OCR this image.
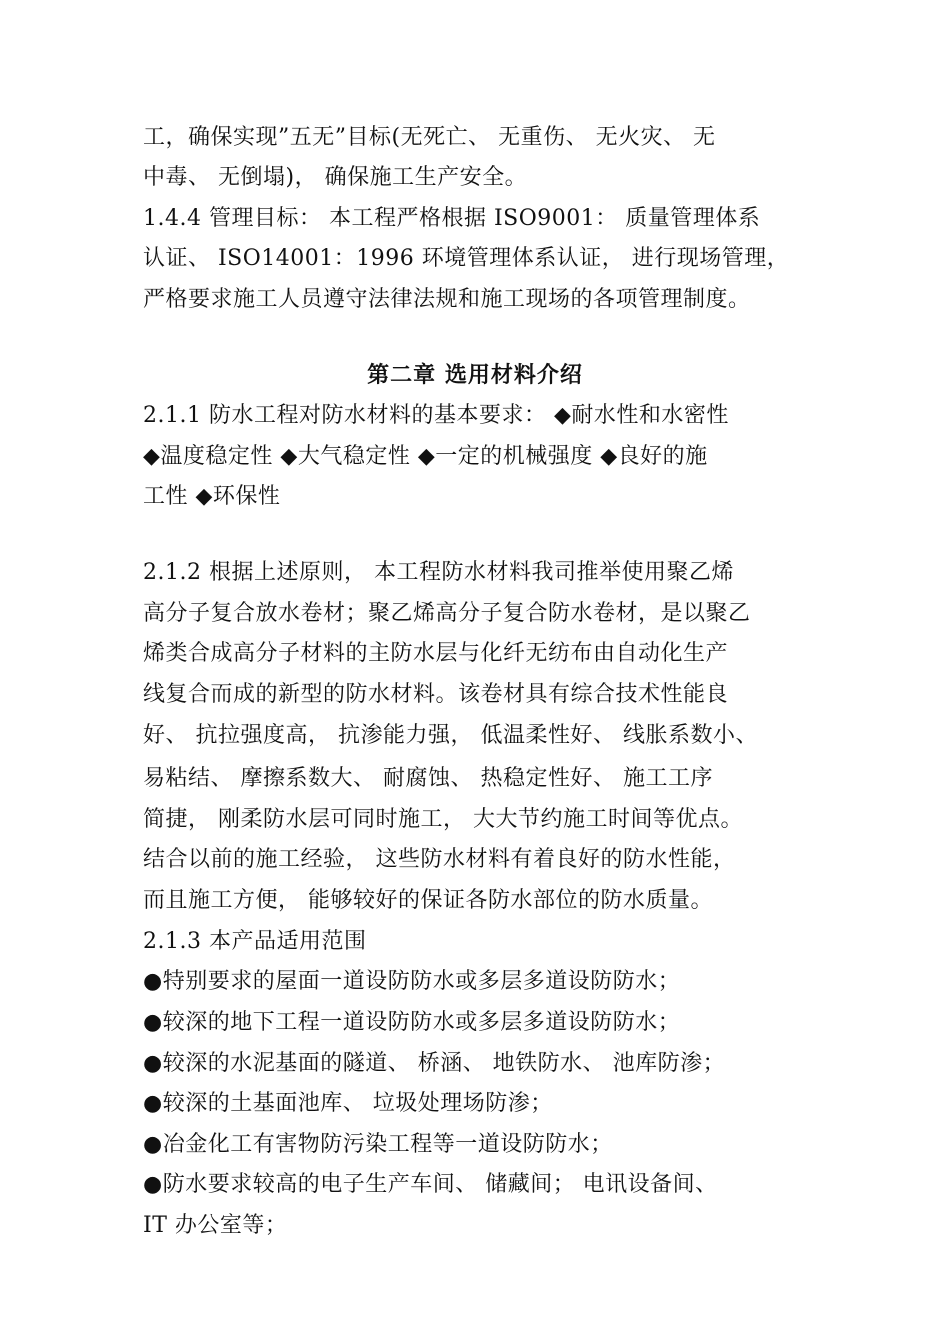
工，确保实现”五无”目标(无死亡、 无重伤、 无火灾、 无
中毒、 无倒塌)， 确保施工生产安全。
1.4.4 管理目标： 本工程严格根据 ISO9001： 质量管理体系
认证、 ISO14001：1996 环境管理体系认证， 进行现场管理，
严格要求施工人员遵守法律法规和施工现场的各项管理制度。
第二章 选用材料介绍
2.1.1 防水工程对防水材料的基本要求： ◆耐水性和水密性
◆温度稳定性 ◆大气稳定性 ◆一定的机械强度 ◆良好的施
工性 ◆环保性
2.1.2 根据上述原则， 本工程防水材料我司推举使用聚乙烯
高分子复合放水卷材；聚乙烯高分子复合防水卷材，是以聚乙
烯类合成高分子材料的主防水层与化纤无纺布由自动化生产
线复合而成的新型的防水材料。该卷材具有综合技术性能良
好、 抗拉强度高， 抗渗能力强， 低温柔性好、 线胀系数小、
易粘结、 摩擦系数大、 耐腐蚀、 热稳定性好、 施工工序
简捷， 刚柔防水层可同时施工， 大大节约施工时间等优点。
结合以前的施工经验， 这些防水材料有着良好的防水性能，
而且施工方便， 能够较好的保证各防水部位的防水质量。
2.1.3 本产品适用范围
●特别要求的屋面一道设防防水或多层多道设防防水；
●较深的地下工程一道设防防水或多层多道设防防水；
●较深的水泥基面的隧道、 桥涵、 地铁防水、 池库防渗；
●较深的土基面池库、 垃圾处理场防渗；
●冶金化工有害物防污染工程等一道设防防水；
●防水要求较高的电子生产车间、 储藏间； 电讯设备间、
IT 办公室等；
